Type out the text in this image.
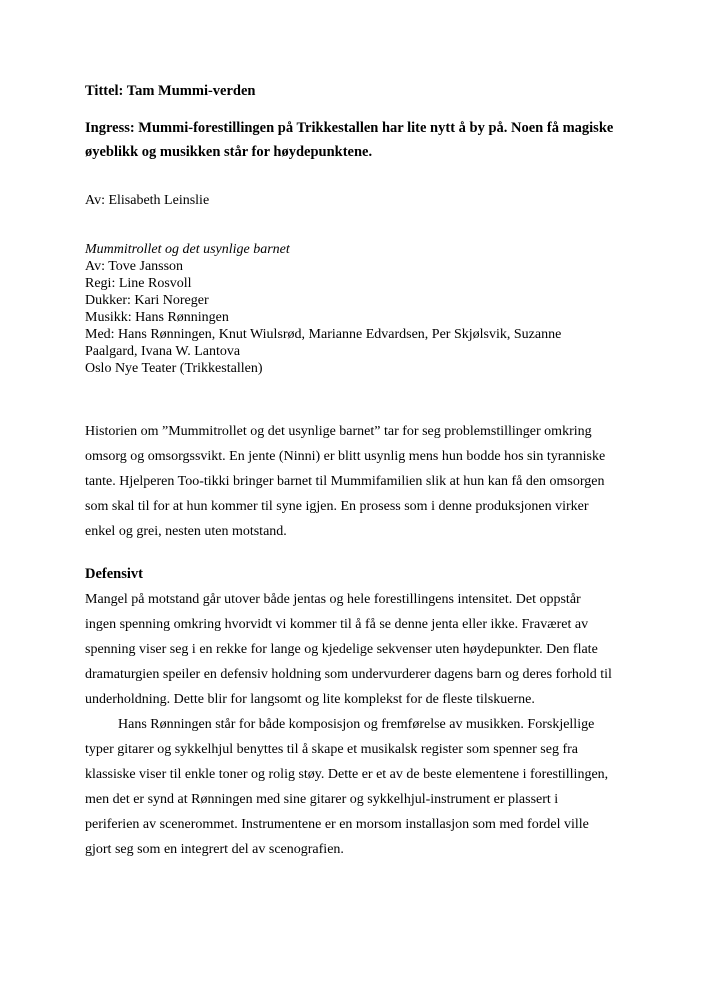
Tittel: Tam Mummi-verden

Ingress: Mummi-forestillingen på Trikkestallen har lite nytt å by på. Noen få magiske
øyeblikk og musikken står for høydepunktene.

Av: Elisabeth Leinslie

Mummitrollet og det usynlige barnet
Av: Tove Jansson
Regi: Line Rosvoll
Dukker: Kari Noreger
Musikk: Hans Rønningen
Med: Hans Rønningen, Knut Wiulsrød, Marianne Edvardsen, Per Skjølsvik, Suzanne
Paalgard, Ivana W. Lantova
Oslo Nye Teater (Trikkestallen)
Historien om ”Mummitrollet og det usynlige barnet” tar for seg problemstillinger omkring
omsorg og omsorgssvikt. En jente (Ninni) er blitt usynlig mens hun bodde hos sin tyranniske
tante. Hjelperen Too-tikki bringer barnet til Mummifamilien slik at hun kan få den omsorgen
som skal til for at hun kommer til syne igjen. En prosess som i denne produksjonen virker
enkel og grei, nesten uten motstand.
Defensivt
Mangel på motstand går utover både jentas og hele forestillingens intensitet. Det oppstår
ingen spenning omkring hvorvidt vi kommer til å få se denne jenta eller ikke. Fraværet av
spenning viser seg i en rekke for lange og kjedelige sekvenser uten høydepunkter. Den flate
dramaturgien speiler en defensiv holdning som undervurderer dagens barn og deres forhold til
underholdning. Dette blir for langsomt og lite komplekst for de fleste tilskuerne.
Hans Rønningen står for både komposisjon og fremførelse av musikken. Forskjellige
typer gitarer og sykkelhjul benyttes til å skape et musikalsk register som spenner seg fra
klassiske viser til enkle toner og rolig støy. Dette er et av de beste elementene i forestillingen,
men det er synd at Rønningen med sine gitarer og sykkelhjul-instrument er plassert i
periferien av scenerommet. Instrumentene er en morsom installasjon som med fordel ville
gjort seg som en integrert del av scenografien.
